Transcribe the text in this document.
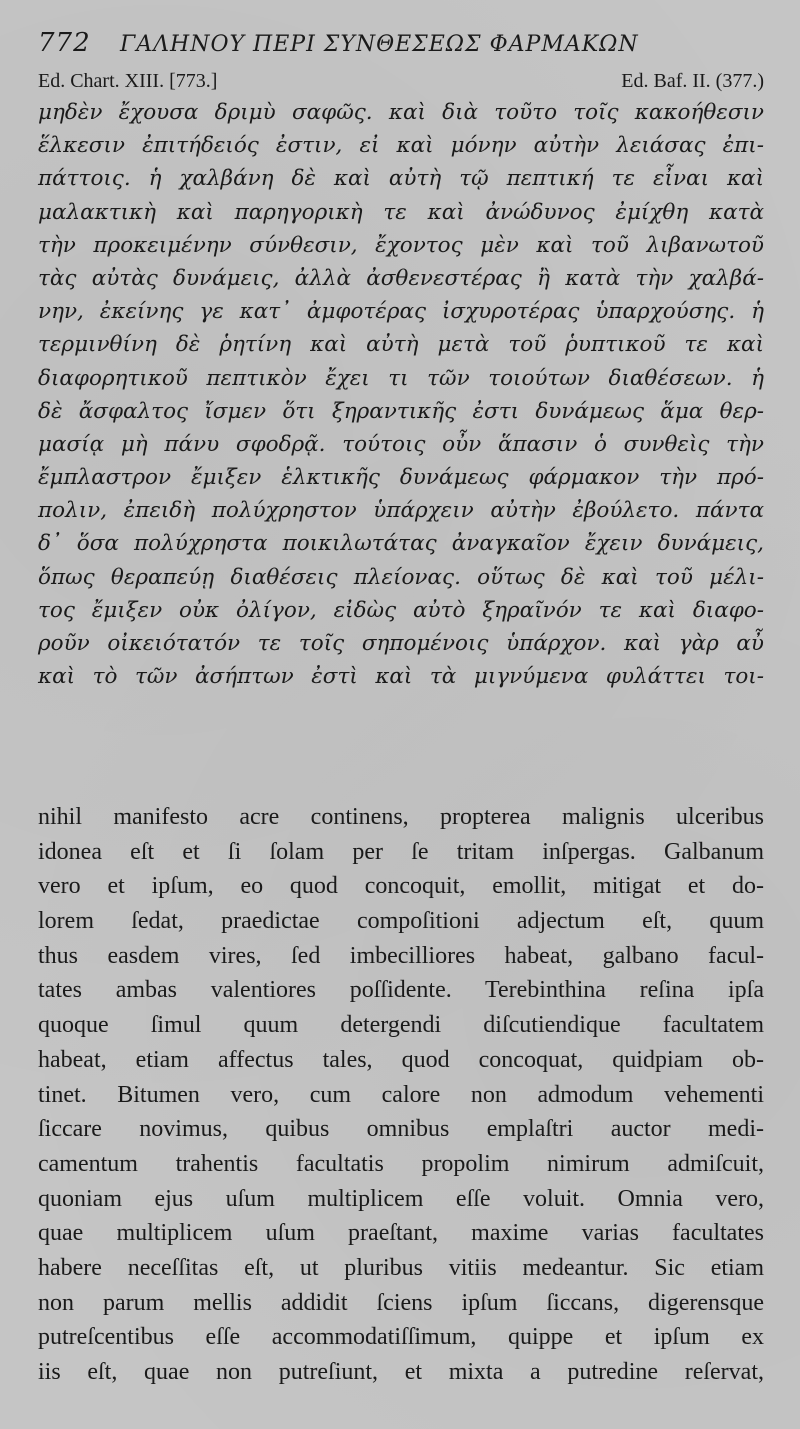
772	ΓΑΛΗΝΟΥ ΠΕΡΙ ΣΥΝΘΕΣΕΩΣ ΦΑΡΜΑΚΩΝ
Ed. Chart. XIII. [773.]	Ed. Baf. II. (377.)
μηδὲν ἔχουσα δριμὺ σαφῶς. καὶ διὰ τοῦτο τοῖς κακοήθεσιν
ἕλκεσιν ἐπιτήδειός ἐστιν, εἰ καὶ μόνην αὐτὴν λειάσας ἐπι-
πάττοις. ἡ χαλβάνη δὲ καὶ αὐτὴ τῷ πεπτική τε εἶναι καὶ
μαλακτικὴ καὶ παρηγορικὴ τε καὶ ἀνώδυνος ἐμίχθη κατὰ
τὴν προκειμένην σύνθεσιν, ἔχοντος μὲν καὶ τοῦ λιβανωτοῦ
τὰς αὐτὰς δυνάμεις, ἀλλὰ ἀσθενεστέρας ἢ κατὰ τὴν χαλβά-
νην, ἐκείνης γε κατ᾽ ἀμφοτέρας ἰσχυροτέρας ὑπαρχούσης. ἡ
τερμινθίνη δὲ ῥητίνη καὶ αὐτὴ μετὰ τοῦ ῥυπτικοῦ τε καὶ
διαφορητικοῦ πεπτικὸν ἔχει τι τῶν τοιούτων διαθέσεων. ἡ
δὲ ἄσφαλτος ἴσμεν ὅτι ξηραντικῆς ἐστι δυνάμεως ἅμα θερ-
μασίᾳ μὴ πάνυ σφοδρᾷ. τούτοις οὖν ἅπασιν ὁ συνθεὶς τὴν
ἔμπλαστρον ἔμιξεν ἑλκτικῆς δυνάμεως φάρμακον τὴν πρό-
πολιν, ἐπειδὴ πολύχρηστον ὑπάρχειν αὐτὴν ἐβούλετο. πάντα
δ᾽ ὅσα πολύχρηστα ποικιλωτάτας ἀναγκαῖον ἔχειν δυνάμεις,
ὅπως θεραπεύῃ διαθέσεις πλείονας. οὕτως δὲ καὶ τοῦ μέλι-
τος ἔμιξεν οὐκ ὀλίγον, εἰδὼς αὐτὸ ξηραῖνόν τε καὶ διαφο-
ροῦν οἰκειότατόν τε τοῖς σηπομένοις ὑπάρχον. καὶ γὰρ αὖ
καὶ τὸ τῶν ἀσήπτων ἐστὶ καὶ τὰ μιγνύμενα φυλάττει τοι-
nihil manifesto acre continens, propterea malignis ulceribus
idonea eſt et ſi ſolam per ſe tritam inſpergas. Galbanum
vero et ipſum, eo quod concoquit, emollit, mitigat et do-
lorem ſedat, praedictae compoſitioni adjectum eſt, quum
thus easdem vires, ſed imbecilliores habeat, galbano facul-
tates ambas valentiores poſſidente. Terebinthina reſina ipſa
quoque ſimul quum detergendi diſcutiendique facultatem
habeat, etiam affectus tales, quod concoquat, quidpiam ob-
tinet. Bitumen vero, cum calore non admodum vehementi
ſiccare novimus, quibus omnibus emplaſtri auctor medi-
camentum trahentis facultatis propolim nimirum admiſcuit,
quoniam ejus uſum multiplicem eſſe voluit. Omnia vero,
quae multiplicem uſum praeſtant, maxime varias facultates
habere neceſſitas eſt, ut pluribus vitiis medeantur. Sic etiam
non parum mellis addidit ſciens ipſum ſiccans, digerensque
putreſcentibus eſſe accommodatiſſimum, quippe et ipſum ex
iis eſt, quae non putreſiunt, et mixta a putredine reſervat,
